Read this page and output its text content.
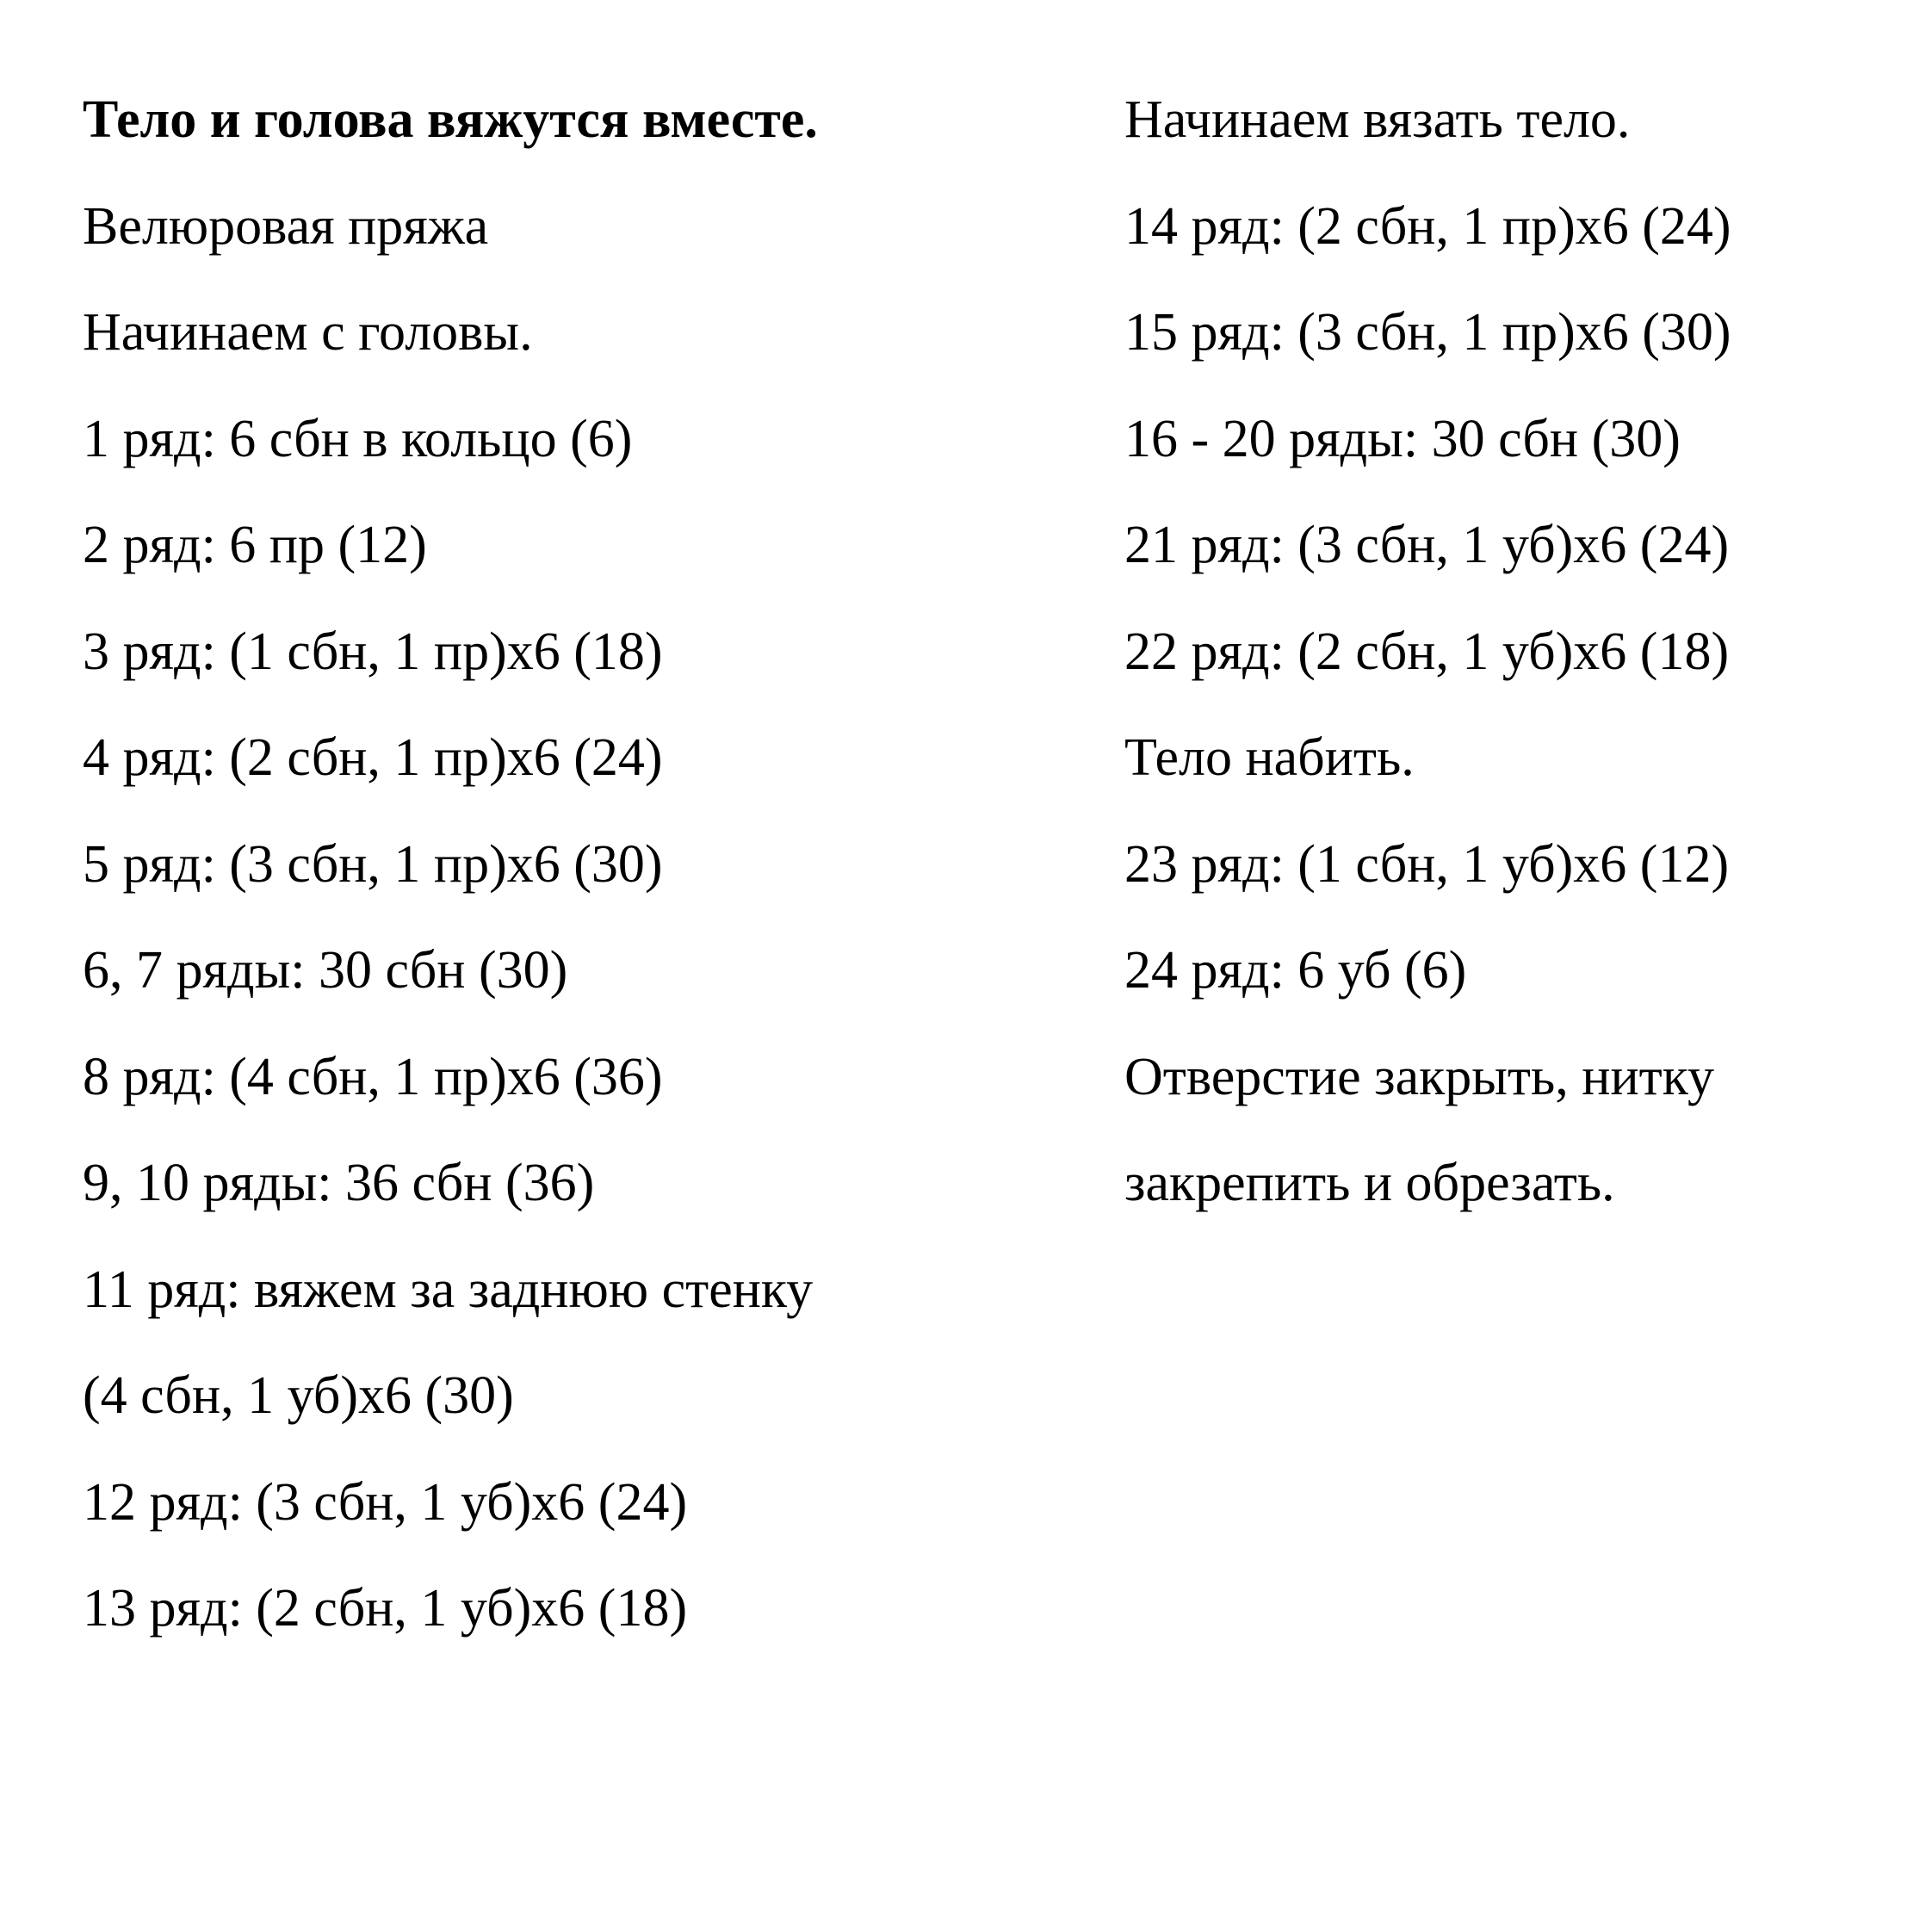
Тело и голова вяжутся вместе.
Велюровая пряжа
Начинаем с головы.
1 ряд: 6 сбн в кольцо (6)
2 ряд: 6 пр (12)
3 ряд: (1 сбн, 1 пр)х6 (18)
4 ряд: (2 сбн, 1 пр)х6 (24)
5 ряд: (3 сбн, 1 пр)х6 (30)
6, 7 ряды: 30 сбн (30)
8 ряд: (4 сбн, 1 пр)х6 (36)
9, 10 ряды: 36 сбн (36)
11 ряд: вяжем за заднюю стенку
(4 сбн, 1 уб)х6 (30)
12 ряд: (3 сбн, 1 уб)х6 (24)
13 ряд: (2 сбн, 1 уб)х6 (18)
Начинаем вязать тело.
14 ряд: (2 сбн, 1 пр)х6 (24)
15 ряд: (3 сбн, 1 пр)х6 (30)
16 - 20 ряды: 30 сбн (30)
21 ряд: (3 сбн, 1 уб)х6 (24)
22 ряд: (2 сбн, 1 уб)х6 (18)
Тело набить.
23 ряд: (1 сбн, 1 уб)х6 (12)
24 ряд: 6 уб (6)
Отверстие закрыть, нитку
закрепить и обрезать.
